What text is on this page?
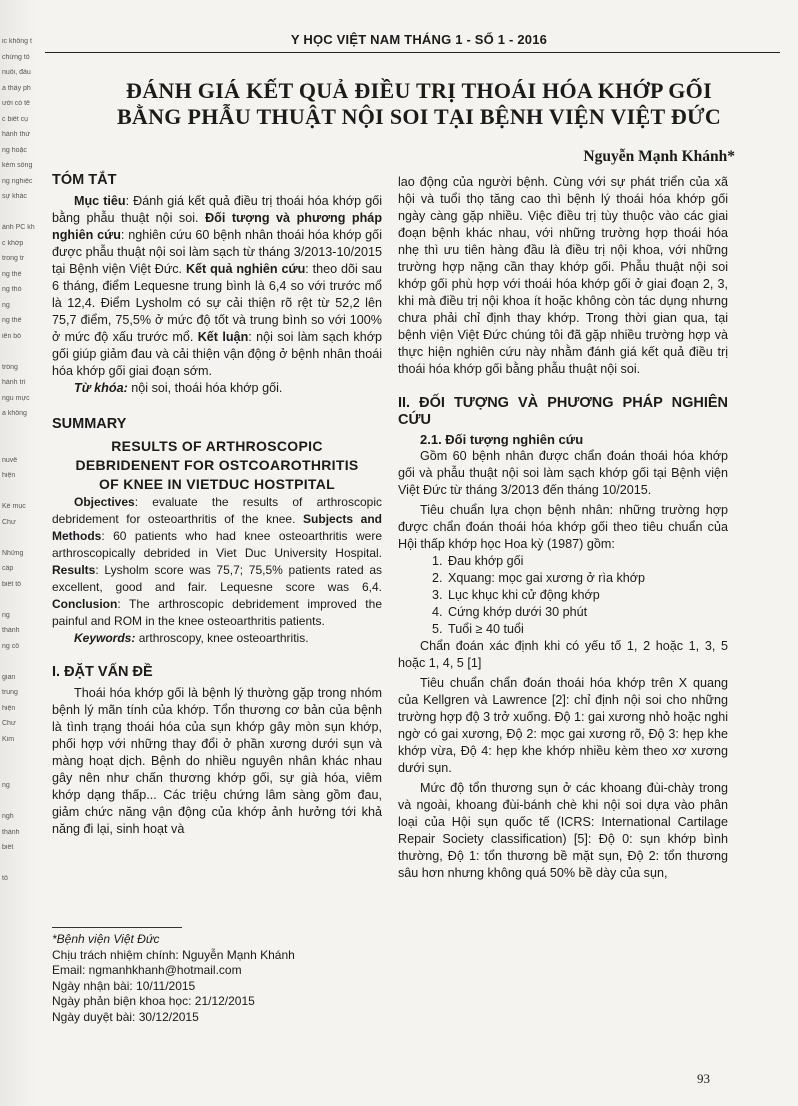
ic không t
chứng tố
nuôi, đầu
a thầy ph
ưới có tê
c biết cụ
hành thứ
ng hoặc
kém sống
ng nghiệc
sự khác
ành PC kh
c khớp
trong tr
ng thế
ng thò
ng
ng thế
iễn bổ
trồng
hành trì
ngu mực
a không
nuvê
hiện
Kế mục
Chư
Những
cấp
biết tổ
ng
thành
ng cổ
gian
trung
hiện
Chư
Kim
ng
ngh
thành
biết
tổ
Y HỌC VIỆT NAM THÁNG 1 - SỐ 1 - 2016
ĐÁNH GIÁ KẾT QUẢ ĐIỀU TRỊ THOÁI HÓA KHỚP GỐI
BẰNG PHẪU THUẬT NỘI SOI TẠI BỆNH VIỆN VIỆT ĐỨC
Nguyễn Mạnh Khánh*
TÓM TẮT

Mục tiêu: Đánh giá kết quả điều trị thoái hóa khớp gối bằng phẫu thuật nội soi. Đối tượng và phương pháp nghiên cứu: nghiên cứu 60 bệnh nhân thoái hóa khớp gối được phẫu thuật nội soi làm sạch từ tháng 3/2013-10/2015 tại Bệnh viện Việt Đức. Kết quả nghiên cứu: theo dõi sau 6 tháng, điểm Lequesne trung bình là 6,4 so với trước mổ là 12,4. Điểm Lysholm có sự cải thiện rõ rệt từ 52,2 lên 75,7 điểm, 75,5% ở mức độ tốt và trung bình so với 100% ở mức độ xấu trước mổ. Kết luận: nội soi làm sạch khớp gối giúp giảm đau và cải thiện vận động ở bệnh nhân thoái hóa khớp gối giai đoạn sớm.

Từ khóa: nội soi, thoái hóa khớp gối.

SUMMARY
RESULTS OF ARTHROSCOPIC
DEBRIDENENT FOR OSTCOAROTHRITIS
OF KNEE IN VIETDUC HOSTPITAL

Objectives: evaluate the results of arthroscopic debridement for osteoarthritis of the knee. Subjects and Methods: 60 patients who had knee osteoarthritis were arthroscopically debrided in Viet Duc University Hospital. Results: Lysholm score was 75,7; 75,5% patients rated as excellent, good and fair. Lequesne score was 6,4. Conclusion: The arthroscopic debridement improved the painful and ROM in the knee osteoarthritis patients.

Keywords: arthroscopy, knee osteoarthritis.

I. ĐẶT VẤN ĐỀ

Thoái hóa khớp gối là bệnh lý thường gặp trong nhóm bệnh lý mãn tính của khớp. Tổn thương cơ bản của bệnh là tình trạng thoái hóa của sụn khớp gây mòn sụn khớp, phối hợp với những thay đổi ở phần xương dưới sụn và màng hoạt dịch. Bệnh do nhiều nguyên nhân khác nhau gây nên như chấn thương khớp gối, sự già hóa, viêm khớp dạng thấp... Các triệu chứng lâm sàng gồm đau, giảm chức năng vận động của khớp ảnh hưởng tới khả năng đi lại, sinh hoạt và

*Bệnh viện Việt Đức
Chịu trách nhiệm chính: Nguyễn Mạnh Khánh
Email: ngmanhkhanh@hotmail.com
Ngày nhận bài: 10/11/2015
Ngày phản biện khoa học: 21/12/2015
Ngày duyệt bài: 30/12/2015

lao động của người bệnh. Cùng với sự phát triển của xã hội và tuổi thọ tăng cao thì bệnh lý thoái hóa khớp gối ngày càng gặp nhiều. Việc điều trị tùy thuộc vào các giai đoạn bệnh khác nhau, với những trường hợp thoái hóa nhẹ thì ưu tiên hàng đầu là điều trị nội khoa, với những trường hợp nặng cần thay khớp gối. Phẫu thuật nội soi khớp gối phù hợp với thoái hóa khớp gối ở giai đoạn 2, 3, khi mà điều trị nội khoa ít hoặc không còn tác dụng nhưng chưa phải chỉ định thay khớp. Trong thời gian qua, tại bệnh viện Việt Đức chúng tôi đã gặp nhiều trường hợp và thực hiện nghiên cứu này nhằm đánh giá kết quả điều trị thoái hóa khớp gối bằng phẫu thuật nội soi.

II. ĐỐI TƯỢNG VÀ PHƯƠNG PHÁP NGHIÊN CỨU
2.1. Đối tượng nghiên cứu

Gồm 60 bệnh nhân được chẩn đoán thoái hóa khớp gối và phẫu thuật nội soi làm sạch khớp gối tại Bệnh viện Việt Đức từ tháng 3/2013 đến tháng 10/2015.

Tiêu chuẩn lựa chọn bệnh nhân: những trường hợp được chẩn đoán thoái hóa khớp gối theo tiêu chuẩn của Hội thấp khớp học Hoa kỳ (1987) gồm:

1. Đau khớp gối
2. Xquang: mọc gai xương ở rìa khớp
3. Lục khục khi cử động khớp
4. Cứng khớp dưới 30 phút
5. Tuổi ≥ 40 tuổi

Chẩn đoán xác định khi có yếu tố 1, 2 hoặc 1, 3, 5 hoặc 1, 4, 5 [1]

Tiêu chuẩn chẩn đoán thoái hóa khớp trên X quang của Kellgren và Lawrence [2]: chỉ định nội soi cho những trường hợp độ 3 trở xuống. Độ 1: gai xương nhỏ hoặc nghi ngờ có gai xương, Độ 2: mọc gai xương rõ, Độ 3: hẹp khe khớp vừa, Độ 4: hẹp khe khớp nhiều kèm theo xơ xương dưới sụn.

Mức độ tổn thương sụn ở các khoang đùi-chày trong và ngoài, khoang đùi-bánh chè khi nội soi dựa vào phân loại của Hội sụn quốc tế (ICRS: International Cartilage Repair Society classification) [5]: Độ 0: sụn khớp bình thường, Độ 1: tổn thương bề mặt sụn, Độ 2: tổn thương sâu hơn nhưng không quá 50% bề dày của sụn,

93
